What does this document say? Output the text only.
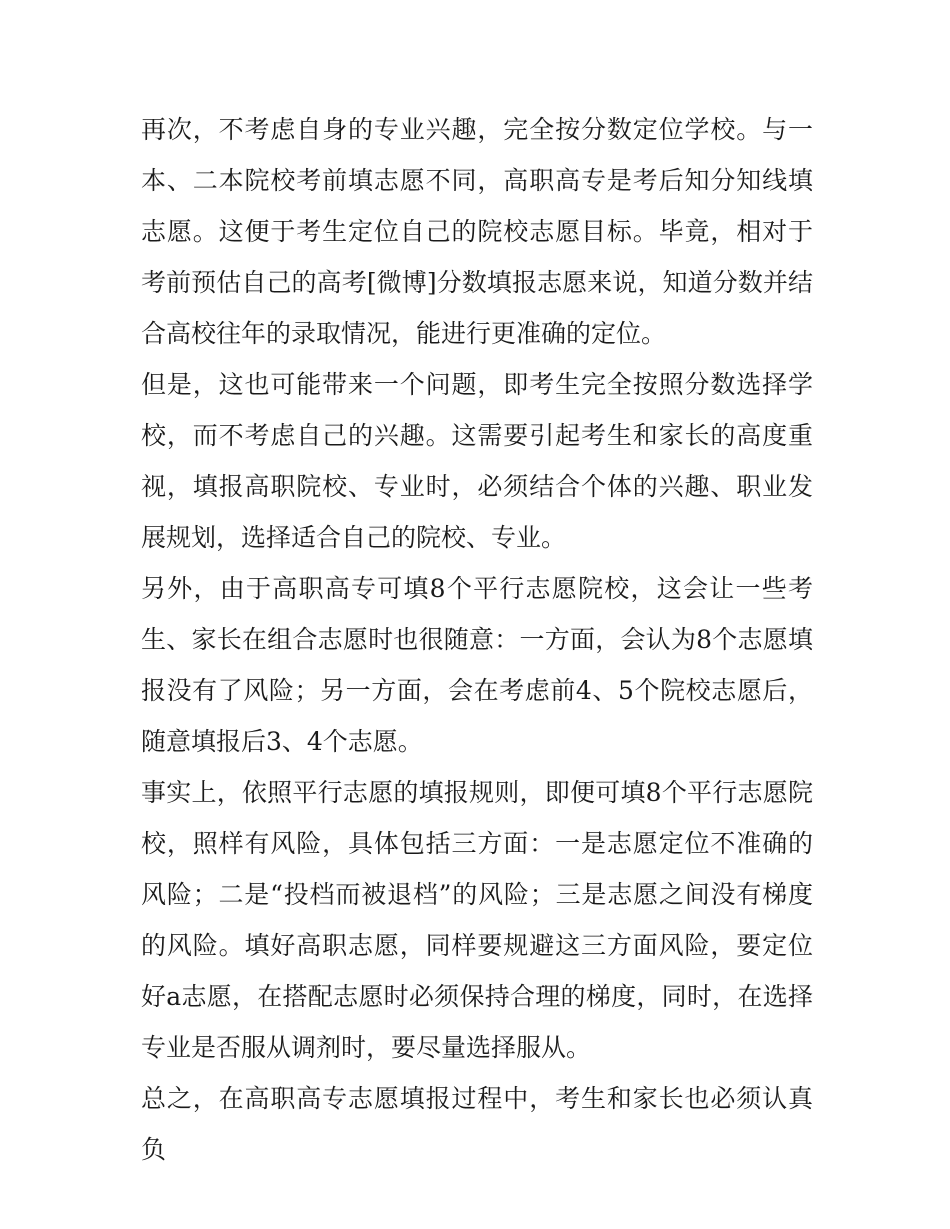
再次，不考虑自身的专业兴趣，完全按分数定位学校。与一本、二本院校考前填志愿不同，高职高专是考后知分知线填志愿。这便于考生定位自己的院校志愿目标。毕竟，相对于考前预估自己的高考[微博]分数填报志愿来说，知道分数并结合高校往年的录取情况，能进行更准确的定位。

但是，这也可能带来一个问题，即考生完全按照分数选择学校，而不考虑自己的兴趣。这需要引起考生和家长的高度重视，填报高职院校、专业时，必须结合个体的兴趣、职业发展规划，选择适合自己的院校、专业。

另外，由于高职高专可填8个平行志愿院校，这会让一些考生、家长在组合志愿时也很随意：一方面，会认为8个志愿填报没有了风险；另一方面，会在考虑前4、5个院校志愿后，随意填报后3、4个志愿。

事实上，依照平行志愿的填报规则，即便可填8个平行志愿院校，照样有风险，具体包括三方面：一是志愿定位不准确的风险；二是“投档而被退档”的风险；三是志愿之间没有梯度的风险。填好高职志愿，同样要规避这三方面风险，要定位好a志愿，在搭配志愿时必须保持合理的梯度，同时，在选择专业是否服从调剂时，要尽量选择服从。

总之，在高职高专志愿填报过程中，考生和家长也必须认真负
